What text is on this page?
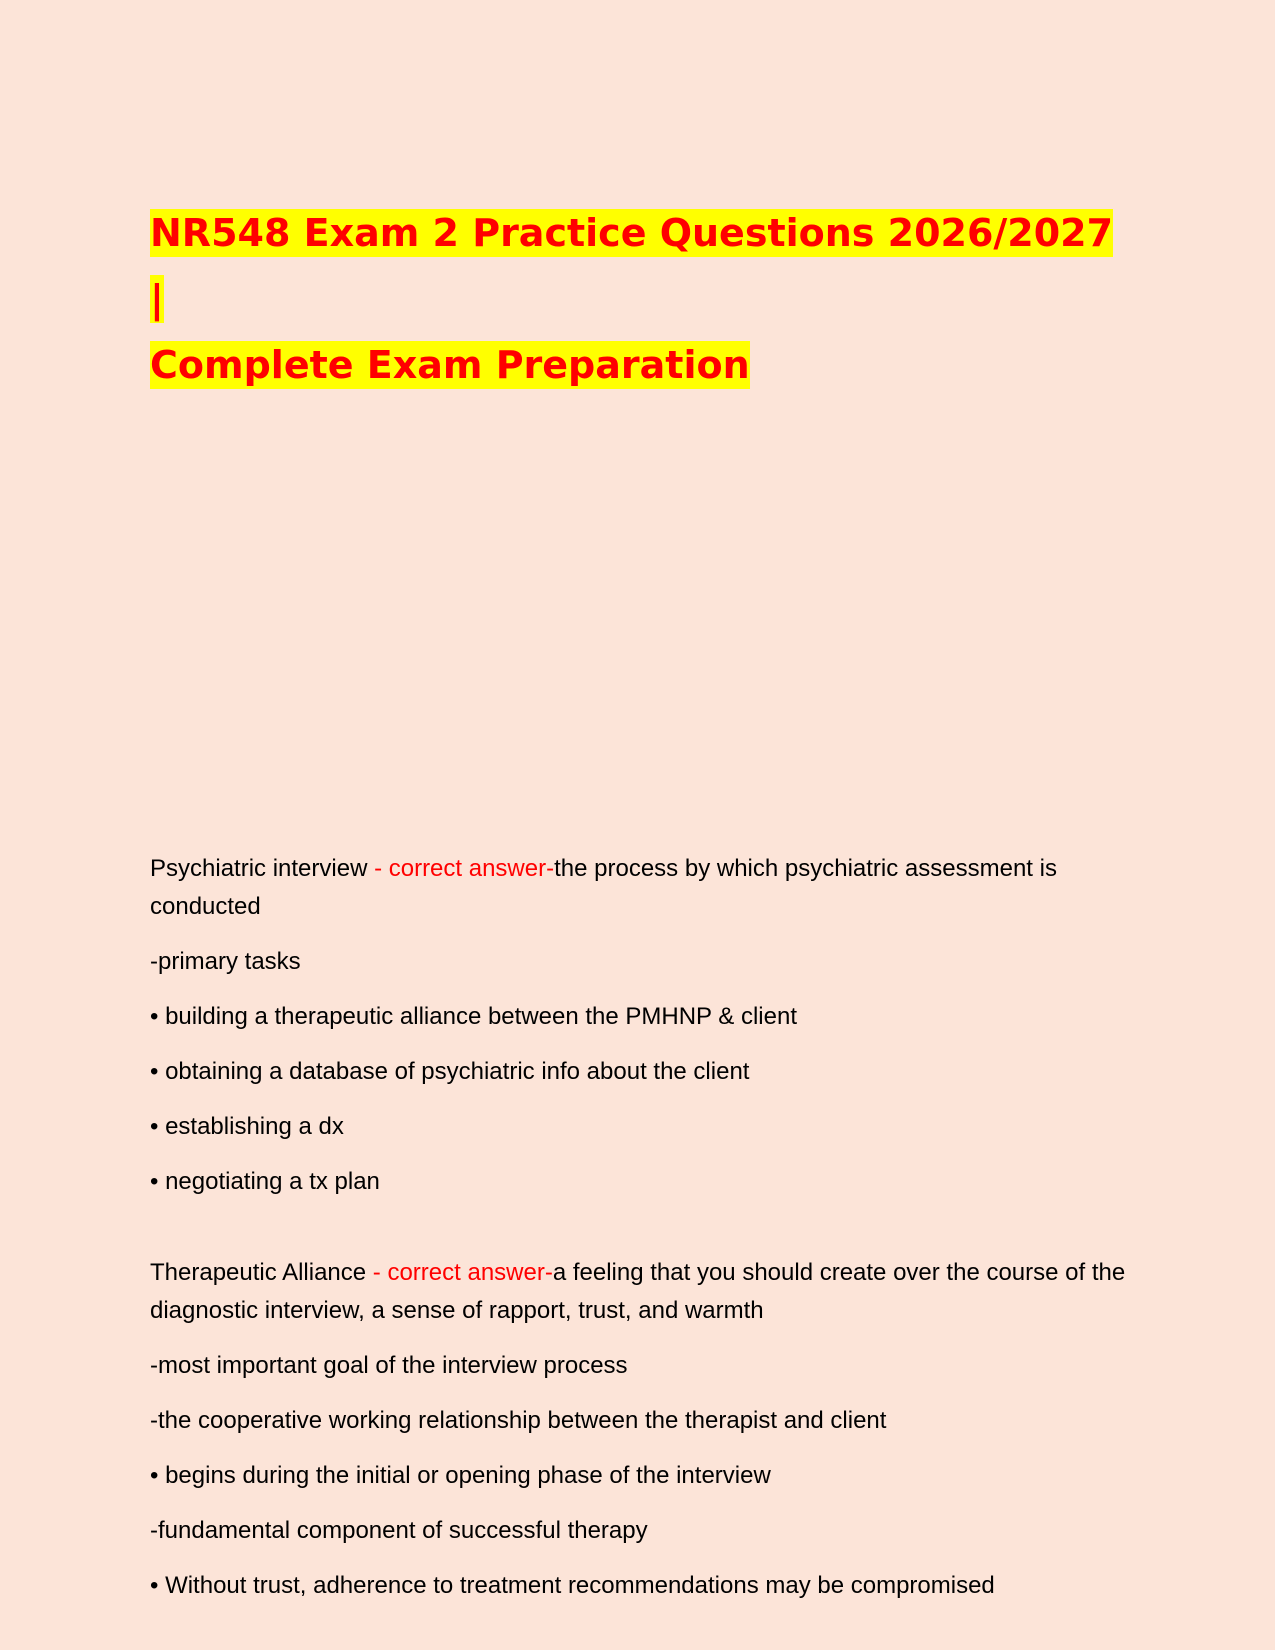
NR548 Exam 2 Practice Questions 2026/2027 |
Complete Exam Preparation

Psychiatric interview - correct answer-the process by which psychiatric assessment is conducted

-primary tasks

• building a therapeutic alliance between the PMHNP & client

• obtaining a database of psychiatric info about the client

• establishing a dx

• negotiating a tx plan

Therapeutic Alliance - correct answer-a feeling that you should create over the course of the diagnostic interview, a sense of rapport, trust, and warmth

-most important goal of the interview process

-the cooperative working relationship between the therapist and client

• begins during the initial or opening phase of the interview

-fundamental component of successful therapy

• Without trust, adherence to treatment recommendations may be compromised
